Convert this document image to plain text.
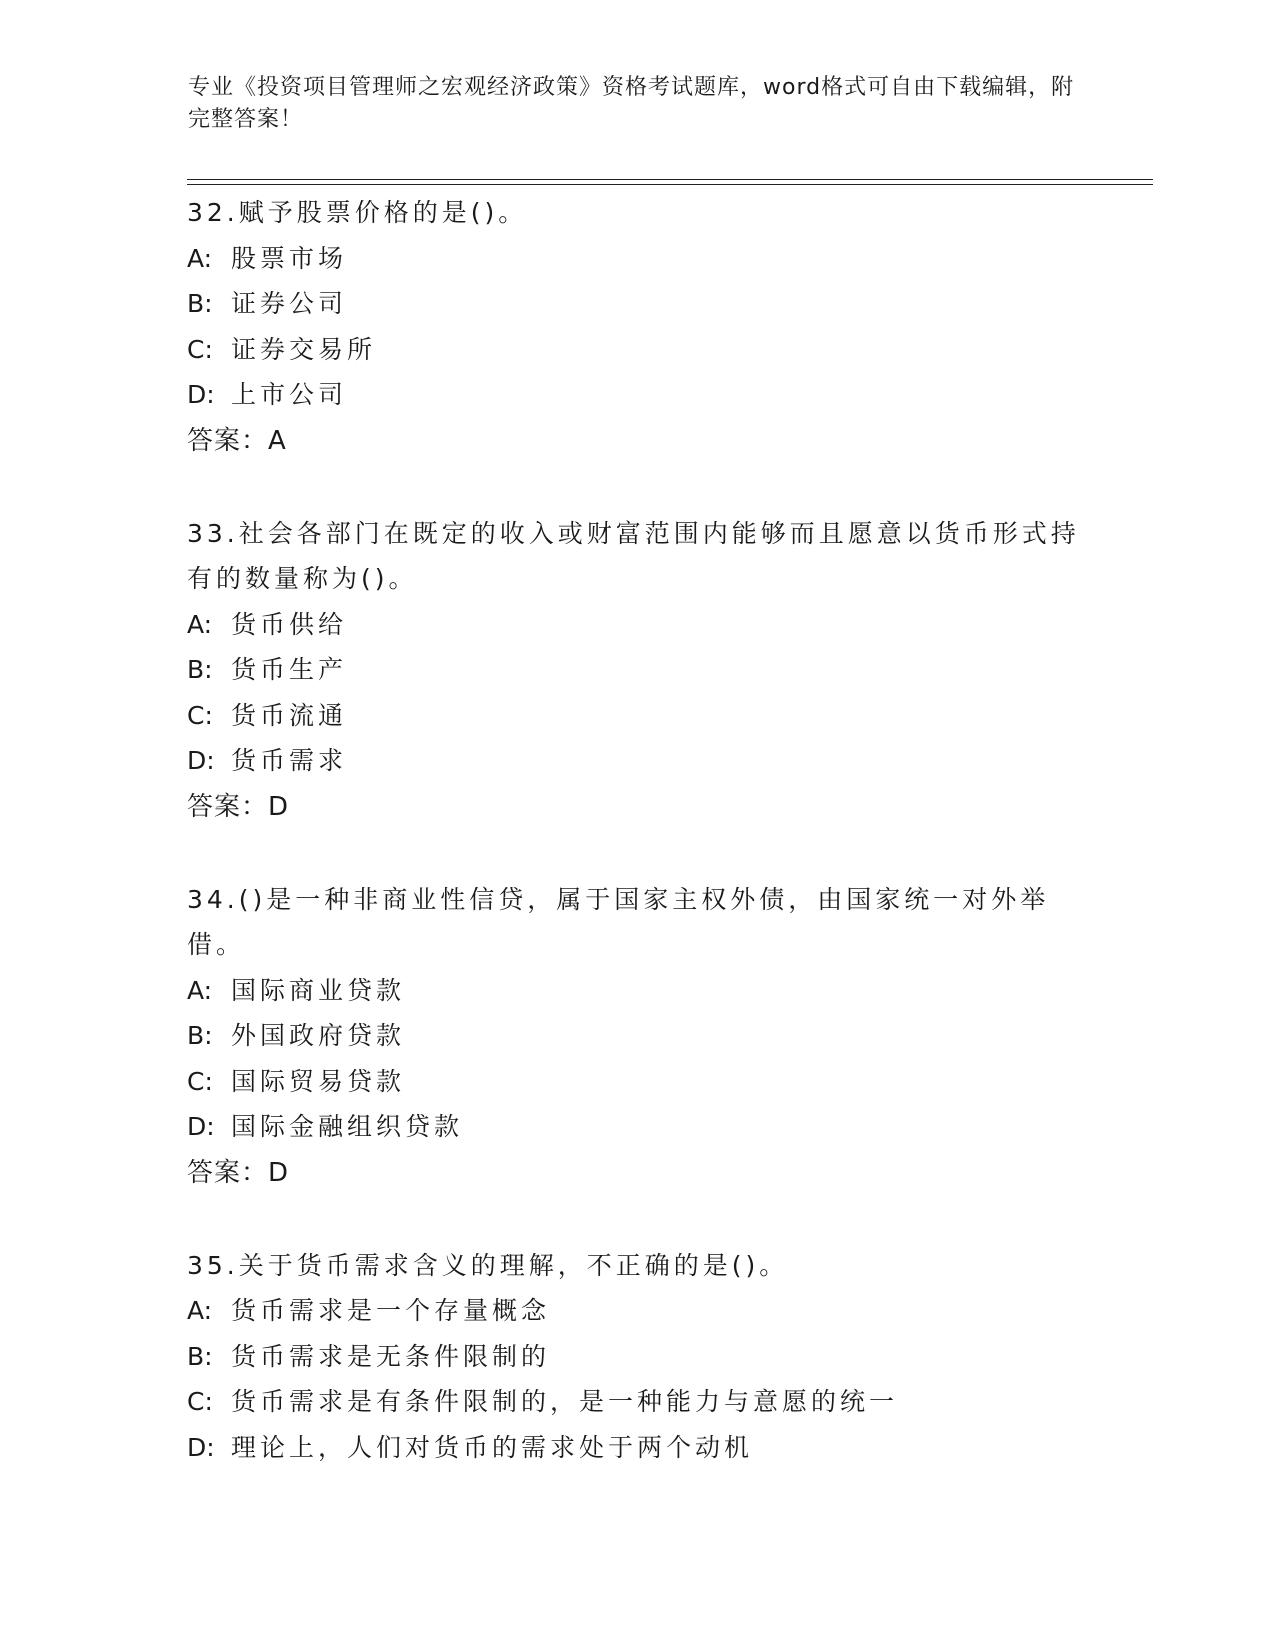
专业《投资项目管理师之宏观经济政策》资格考试题库，word格式可自由下载编辑，附完整答案！
32.赋予股票价格的是()。
A: 股票市场
B: 证券公司
C: 证券交易所
D: 上市公司
答案：A
33.社会各部门在既定的收入或财富范围内能够而且愿意以货币形式持有的数量称为()。
A: 货币供给
B: 货币生产
C: 货币流通
D: 货币需求
答案：D
34.()是一种非商业性信贷，属于国家主权外债，由国家统一对外举借。
A: 国际商业贷款
B: 外国政府贷款
C: 国际贸易贷款
D: 国际金融组织贷款
答案：D
35.关于货币需求含义的理解，不正确的是()。
A: 货币需求是一个存量概念
B: 货币需求是无条件限制的
C: 货币需求是有条件限制的，是一种能力与意愿的统一
D: 理论上，人们对货币的需求处于两个动机
